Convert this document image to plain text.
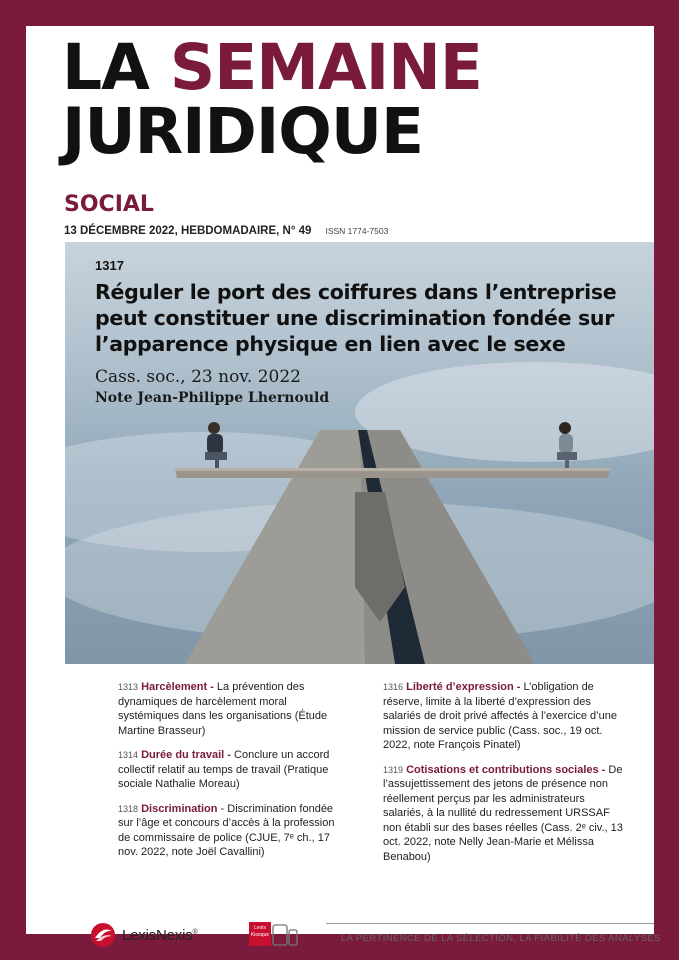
LA SEMAINE
JURIDIQUE
SOCIAL
13 DÉCEMBRE 2022, HEBDOMADAIRE, N° 49 ISSN 1774-7503
LexisNexis®
Lexis
Kiosque	LA PERTINENCE DE LA SÉLECTION, LA FIABILITÉ DES ANALYSES
1317
Réguler le port des coiffures dans l’entreprise peut constituer une discrimination fondée sur l’apparence physique en lien avec le sexe
Cass. soc., 23 nov. 2022
Note Jean-Philippe Lhernould
1313 Harcèlement - La prévention des dynamiques de harcèlement moral systémiques dans les organisations (Étude Martine Brasseur)
1314 Durée du travail - Conclure un accord collectif relatif au temps de travail (Pratique sociale Nathalie Moreau)
1318 Discrimination - Discrimination fondée sur l’âge et concours d’accès à la profession de commissaire de police (CJUE, 7ᵉ ch., 17 nov. 2022, note Joël Cavallini)
1316 Liberté d’expression - L’obligation de réserve, limite à la liberté d’expression des salariés de droit privé affectés à l’exercice d’une mission de service public (Cass. soc., 19 oct. 2022, note François Pinatel)
1319 Cotisations et contributions sociales - De l’assujettissement des jetons de présence non réellement perçus par les administrateurs salariés, à la nullité du redressement URSSAF non établi sur des bases réelles (Cass. 2ᵉ civ., 13 oct. 2022, note Nelly Jean-Marie et Mélissa Benabou)
